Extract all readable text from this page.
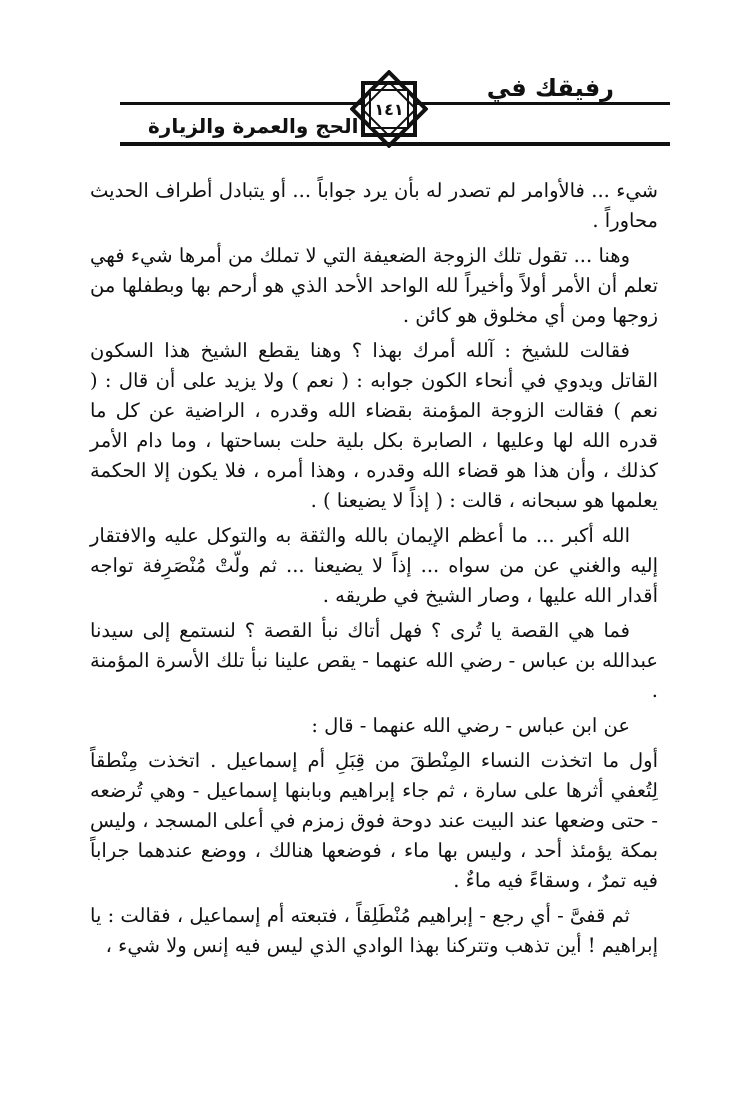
رفيقك في
الحج والعمرة والزيارة
١٤١

شيء ... فالأوامر لم تصدر له بأن يرد جواباً ... أو يتبادل أطراف الحديث محاوراً .

وهنا ... تقول تلك الزوجة الضعيفة التي لا تملك من أمرها شيء فهي تعلم أن الأمر أولاً وأخيراً لله الواحد الأحد الذي هو أرحم بها وبطفلها من زوجها ومن أي مخلوق هو كائن .

فقالت للشيخ : آلله أمرك بهذا ؟ وهنا يقطع الشيخ هذا السكون القاتل ويدوي في أنحاء الكون جوابه : ( نعم ) ولا يزيد على أن قال : ( نعم ) فقالت الزوجة المؤمنة بقضاء الله وقدره ، الراضية عن كل ما قدره الله لها وعليها ، الصابرة بكل بلية حلت بساحتها ، وما دام الأمر كذلك ، وأن هذا هو قضاء الله وقدره ، وهذا أمره ، فلا يكون إلا الحكمة يعلمها هو سبحانه ، قالت : ( إذاً لا يضيعنا ) .

الله أكبر ... ما أعظم الإيمان بالله والثقة به والتوكل عليه والافتقار إليه والغني عن من سواه ... إذاً لا يضيعنا ... ثم ولّتْ مُنْصَرِفة تواجه أقدار الله عليها ، وصار الشيخ في طريقه .

فما هي القصة يا تُرى ؟ فهل أتاك نبأ القصة ؟ لنستمع إلى سيدنا عبدالله بن عباس - رضي الله عنهما - يقص علينا نبأ تلك الأسرة المؤمنة .

عن ابن عباس - رضي الله عنهما - قال :

أول ما اتخذت النساء المِنْطقَ من قِبَلِ أم إسماعيل . اتخذت مِنْطقاً لِتُعفي أثرها على سارة ، ثم جاء إبراهيم وبابنها إسماعيل - وهي تُرضعه - حتى وضعها عند البيت عند دوحة فوق زمزم في أعلى المسجد ، وليس بمكة يؤمئذ أحد ، وليس بها ماء ، فوضعها هنالك ، ووضع عندهما جراباً فيه تمرٌ ، وسقاءً فيه ماءٌ .

ثم قفىَّ - أي رجع - إبراهيم مُنْطَلِقاً ، فتبعته أم إسماعيل ، فقالت : يا إبراهيم ! أين تذهب وتتركنا بهذا الوادي الذي ليس فيه إنس ولا شيء ،
